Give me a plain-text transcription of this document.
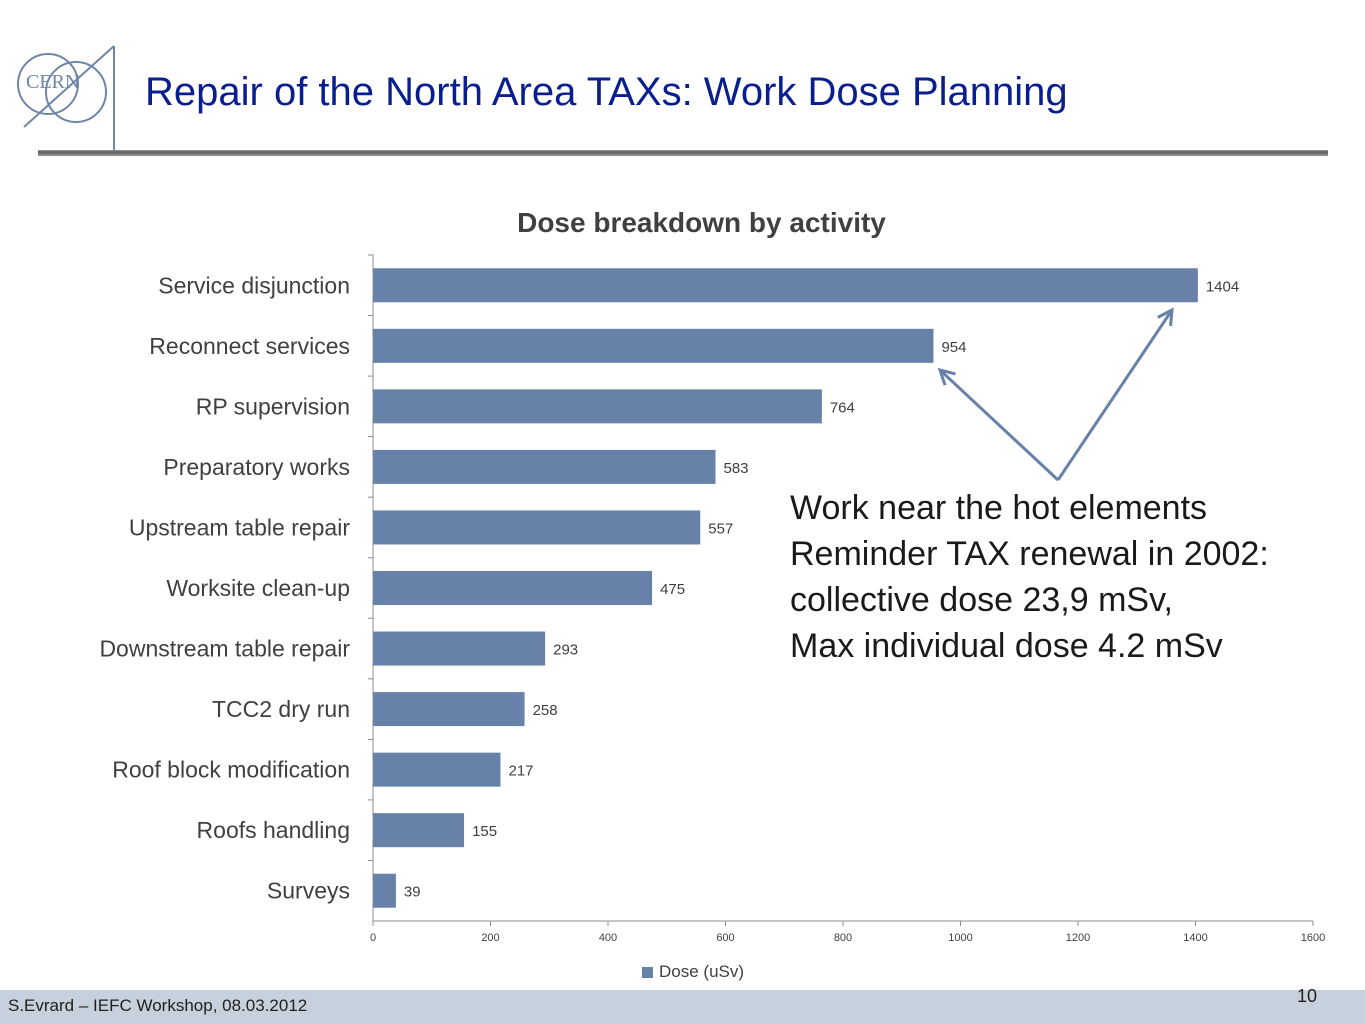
CERN Repair of the North Area TAXs: Work Dose Planning
Dose breakdown by activity
0	200	400	600	800	1000	1200	1400	1600
1404
Service disjunction
954
Reconnect services
764
RP supervision
583
Preparatory works
557
Upstream table repair
475
Worksite clean-up
293
Downstream table repair
258
TCC2 dry run
217
Roof block modification
155
Roofs handling
39
Surveys
Dose (uSv)
Work near the hot elements
Reminder TAX renewal in 2002:
collective dose 23,9 mSv,
Max individual dose 4.2 mSv
S.Evrard – IEFC Workshop, 08.03.2012	10
